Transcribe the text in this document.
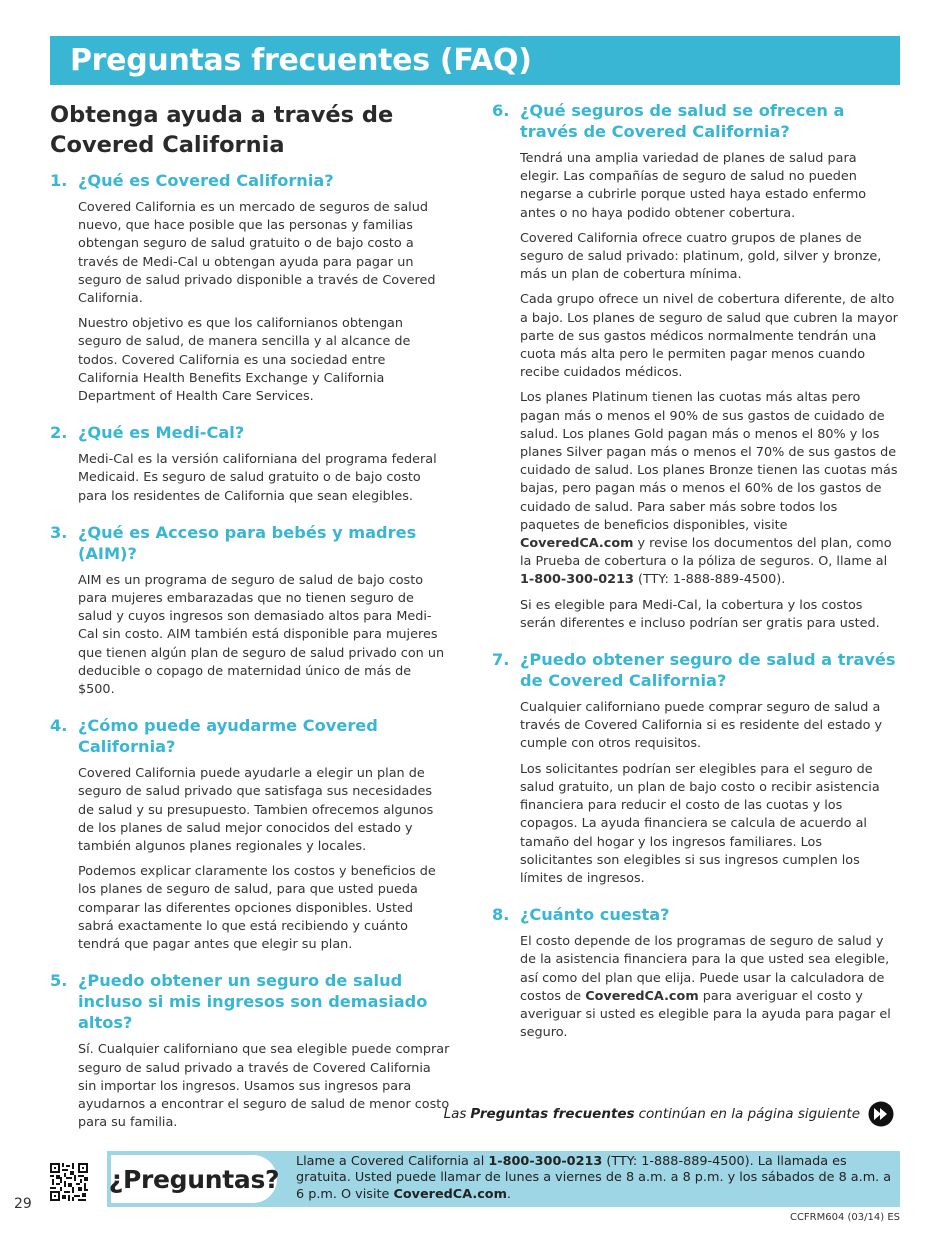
Preguntas frecuentes (FAQ)
Obtenga ayuda a través de Covered California
1. ¿Qué es Covered California?

Covered California es un mercado de seguros de salud nuevo, que hace posible que las personas y familias obtengan seguro de salud gratuito o de bajo costo a través de Medi-Cal u obtengan ayuda para pagar un seguro de salud privado disponible a través de Covered California.

Nuestro objetivo es que los californianos obtengan seguro de salud, de manera sencilla y al alcance de todos. Covered California es una sociedad entre California Health Benefits Exchange y California Department of Health Care Services.

2. ¿Qué es Medi-Cal?

Medi-Cal es la versión californiana del programa federal Medicaid. Es seguro de salud gratuito o de bajo costo para los residentes de California que sean elegibles.

3. ¿Qué es Acceso para bebés y madres (AIM)?

AIM es un programa de seguro de salud de bajo costo para mujeres embarazadas que no tienen seguro de salud y cuyos ingresos son demasiado altos para Medi-Cal sin costo. AIM también está disponible para mujeres que tienen algún plan de seguro de salud privado con un deducible o copago de maternidad único de más de $500.

4. ¿Cómo puede ayudarme Covered California?

Covered California puede ayudarle a elegir un plan de seguro de salud privado que satisfaga sus necesidades de salud y su presupuesto. Tambien ofrecemos algunos de los planes de salud mejor conocidos del estado y también algunos planes regionales y locales.

Podemos explicar claramente los costos y beneficios de los planes de seguro de salud, para que usted pueda comparar las diferentes opciones disponibles. Usted sabrá exactamente lo que está recibiendo y cuánto tendrá que pagar antes que elegir su plan.

5. ¿Puedo obtener un seguro de salud incluso si mis ingresos son demasiado altos?

Sí. Cualquier californiano que sea elegible puede comprar seguro de salud privado a través de Covered California sin importar los ingresos. Usamos sus ingresos para ayudarnos a encontrar el seguro de salud de menor costo para su familia.

6. ¿Qué seguros de salud se ofrecen a través de Covered California?

Tendrá una amplia variedad de planes de salud para elegir. Las compañías de seguro de salud no pueden negarse a cubrirle porque usted haya estado enfermo antes o no haya podido obtener cobertura.

Covered California ofrece cuatro grupos de planes de seguro de salud privado: platinum, gold, silver y bronze, más un plan de cobertura mínima.

Cada grupo ofrece un nivel de cobertura diferente, de alto a bajo. Los planes de seguro de salud que cubren la mayor parte de sus gastos médicos normalmente tendrán una cuota más alta pero le permiten pagar menos cuando recibe cuidados médicos.

Los planes Platinum tienen las cuotas más altas pero pagan más o menos el 90% de sus gastos de cuidado de salud. Los planes Gold pagan más o menos el 80% y los planes Silver pagan más o menos el 70% de sus gastos de cuidado de salud. Los planes Bronze tienen las cuotas más bajas, pero pagan más o menos el 60% de los gastos de cuidado de salud. Para saber más sobre todos los paquetes de beneficios disponibles, visite CoveredCA.com y revise los documentos del plan, como la Prueba de cobertura o la póliza de seguros. O, llame al 1-800-300-0213 (TTY: 1-888-889-4500).

Si es elegible para Medi-Cal, la cobertura y los costos serán diferentes e incluso podrían ser gratis para usted.

7. ¿Puedo obtener seguro de salud a través de Covered California?

Cualquier californiano puede comprar seguro de salud a través de Covered California si es residente del estado y cumple con otros requisitos.

Los solicitantes podrían ser elegibles para el seguro de salud gratuito, un plan de bajo costo o recibir asistencia financiera para reducir el costo de las cuotas y los copagos. La ayuda financiera se calcula de acuerdo al tamaño del hogar y los ingresos familiares. Los solicitantes son elegibles si sus ingresos cumplen los límites de ingresos.

8. ¿Cuánto cuesta?

El costo depende de los programas de seguro de salud y de la asistencia financiera para la que usted sea elegible, así como del plan que elija. Puede usar la calculadora de costos de CoveredCA.com para averiguar el costo y averiguar si usted es elegible para la ayuda para pagar el seguro.

Las Preguntas frecuentes continúan en la página siguiente
¿Preguntas?
Llame a Covered California al 1-800-300-0213 (TTY: 1-888-889-4500). La llamada es gratuita. Usted puede llamar de lunes a viernes de 8 a.m. a 8 p.m. y los sábados de 8 a.m. a 6 p.m. O visite CoveredCA.com.
29
CCFRM604 (03/14) ES
